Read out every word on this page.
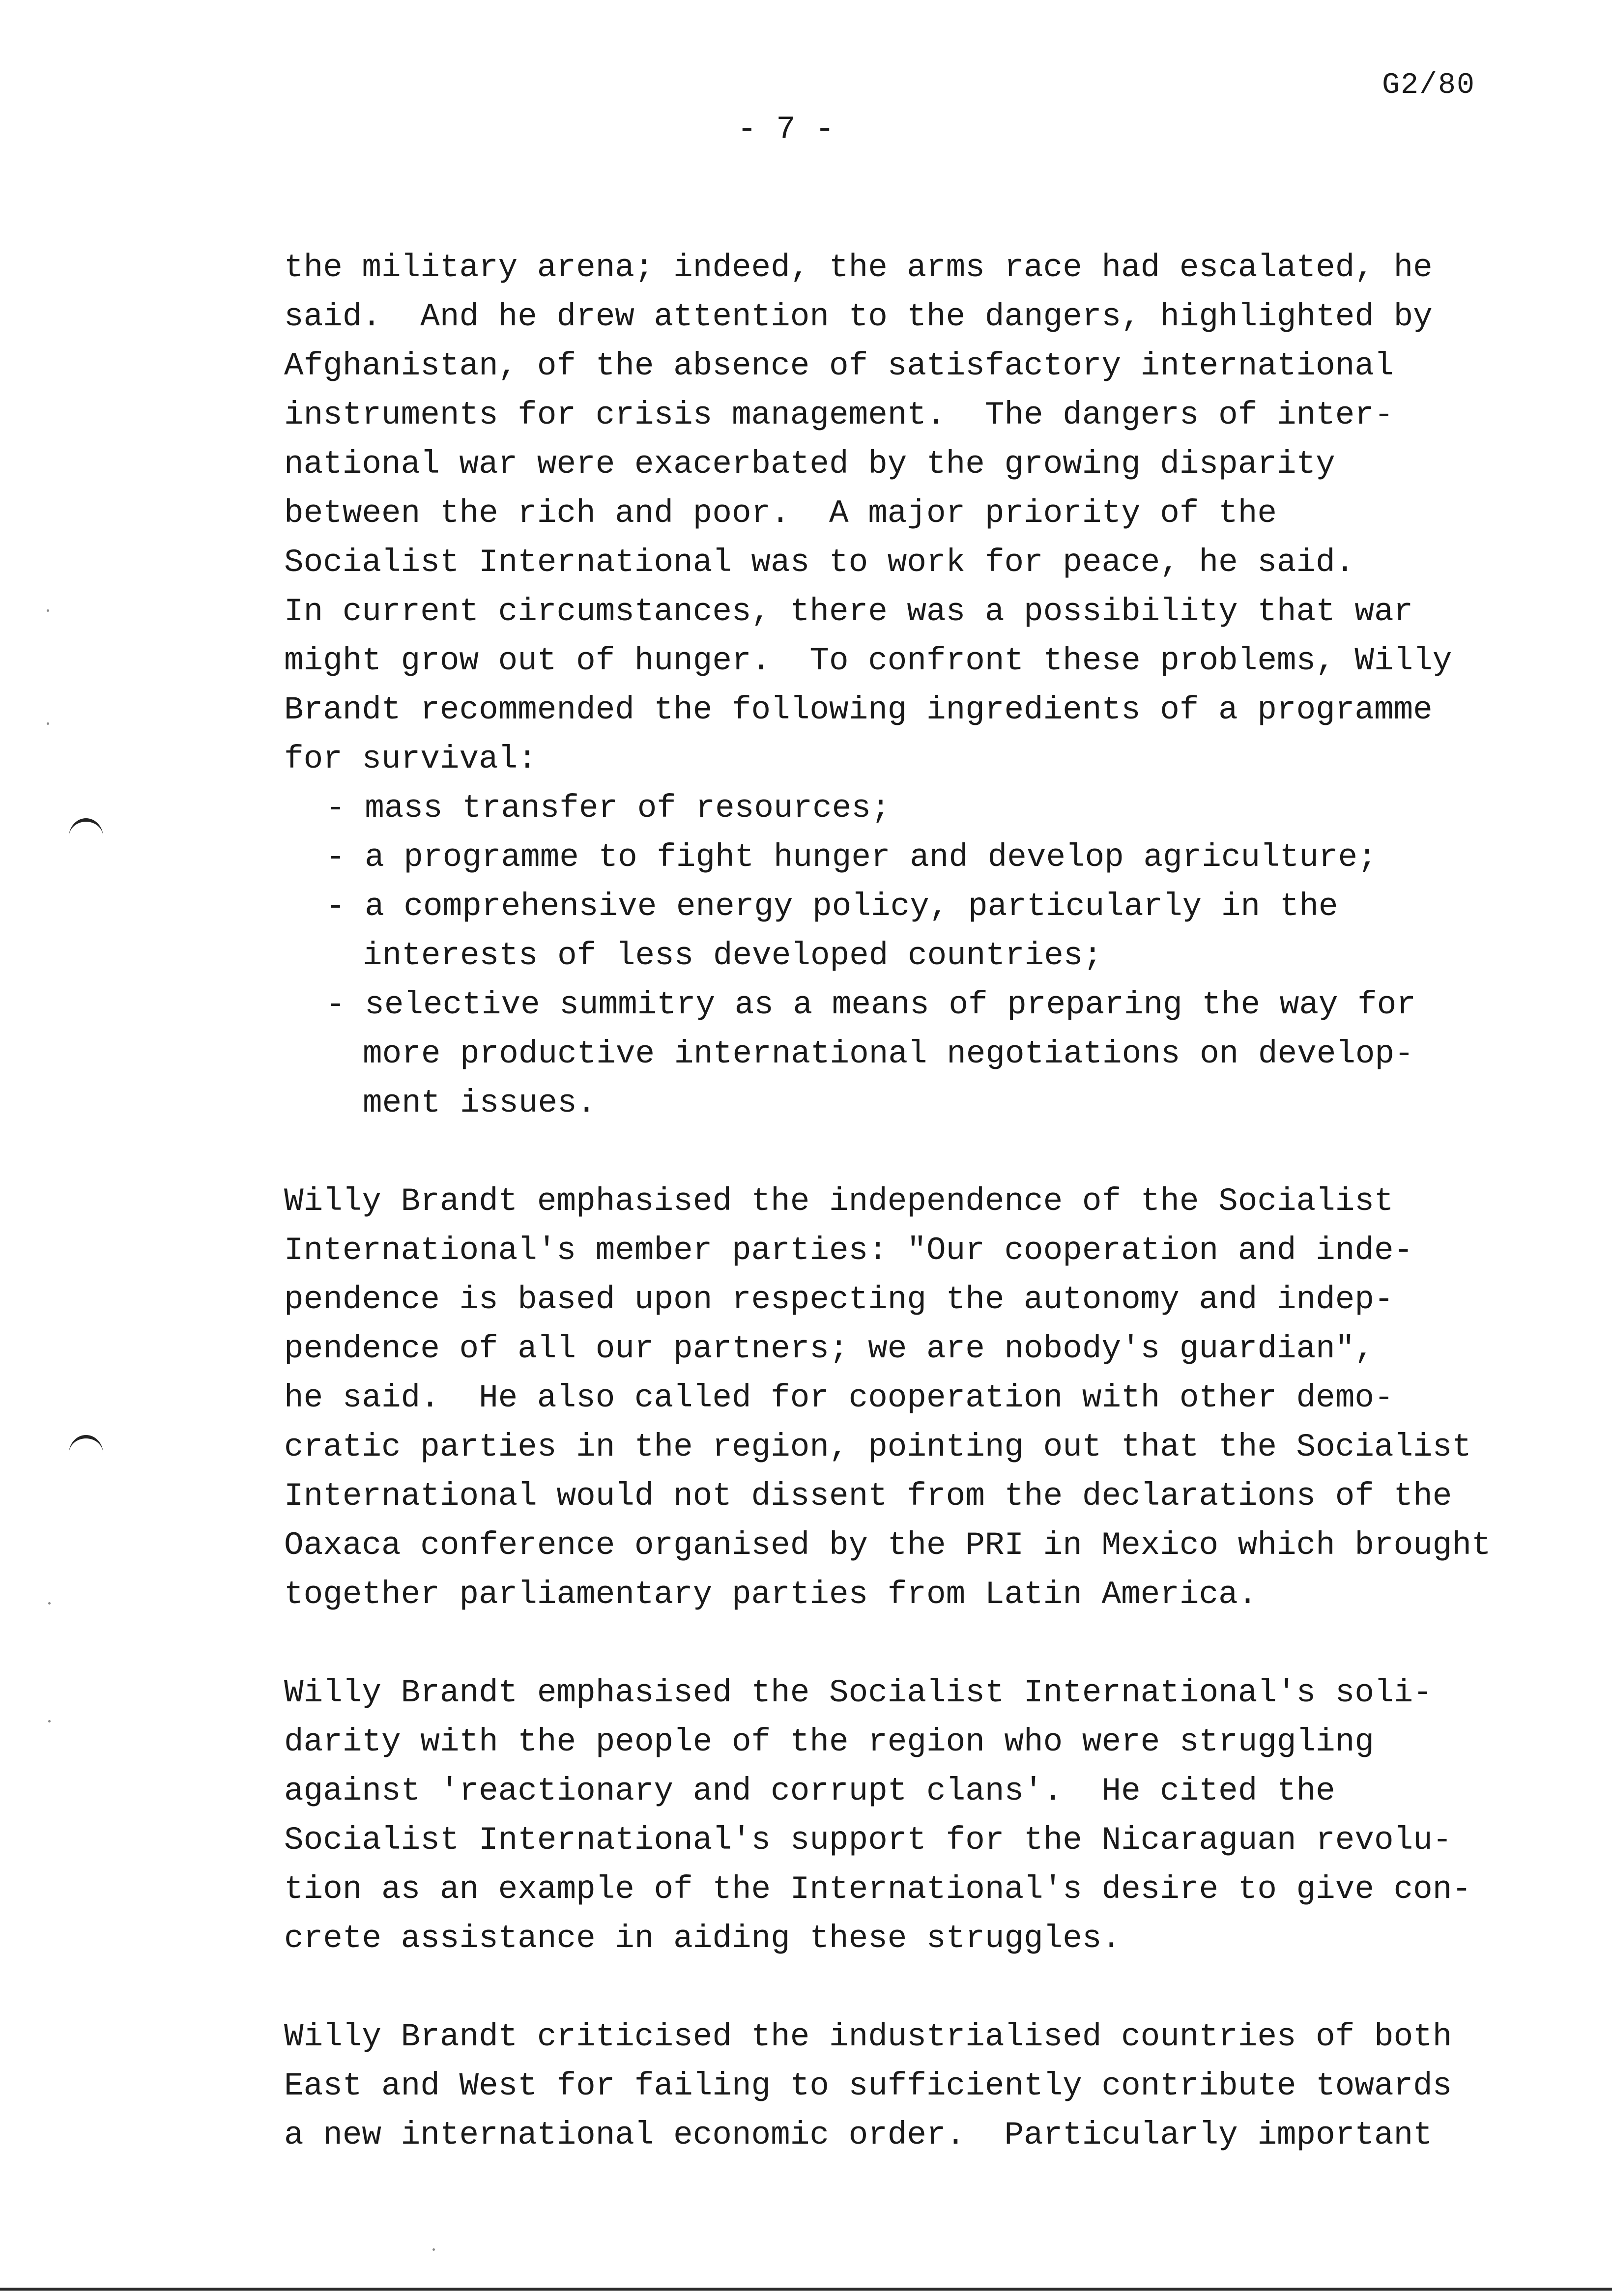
G2/80
- 7 -
the military arena; indeed, the arms race had escalated, he
said.  And he drew attention to the dangers, highlighted by
Afghanistan, of the absence of satisfactory international
instruments for crisis management.  The dangers of inter-
national war were exacerbated by the growing disparity
between the rich and poor.  A major priority of the
Socialist International was to work for peace, he said.
In current circumstances, there was a possibility that war
might grow out of hunger.  To confront these problems, Willy
Brandt recommended the following ingredients of a programme
for survival:
- mass transfer of resources;
- a programme to fight hunger and develop agriculture;
- a comprehensive energy policy, particularly in the
interests of less developed countries;
- selective summitry as a means of preparing the way for
more productive international negotiations on develop-
ment issues.
Willy Brandt emphasised the independence of the Socialist
International's member parties: "Our cooperation and inde-
pendence is based upon respecting the autonomy and indep-
pendence of all our partners; we are nobody's guardian",
he said.  He also called for cooperation with other demo-
cratic parties in the region, pointing out that the Socialist
International would not dissent from the declarations of the
Oaxaca conference organised by the PRI in Mexico which brought
together parliamentary parties from Latin America.
Willy Brandt emphasised the Socialist International's soli-
darity with the people of the region who were struggling
against 'reactionary and corrupt clans'.  He cited the
Socialist International's support for the Nicaraguan revolu-
tion as an example of the International's desire to give con-
crete assistance in aiding these struggles.
Willy Brandt criticised the industrialised countries of both
East and West for failing to sufficiently contribute towards
a new international economic order.  Particularly important
